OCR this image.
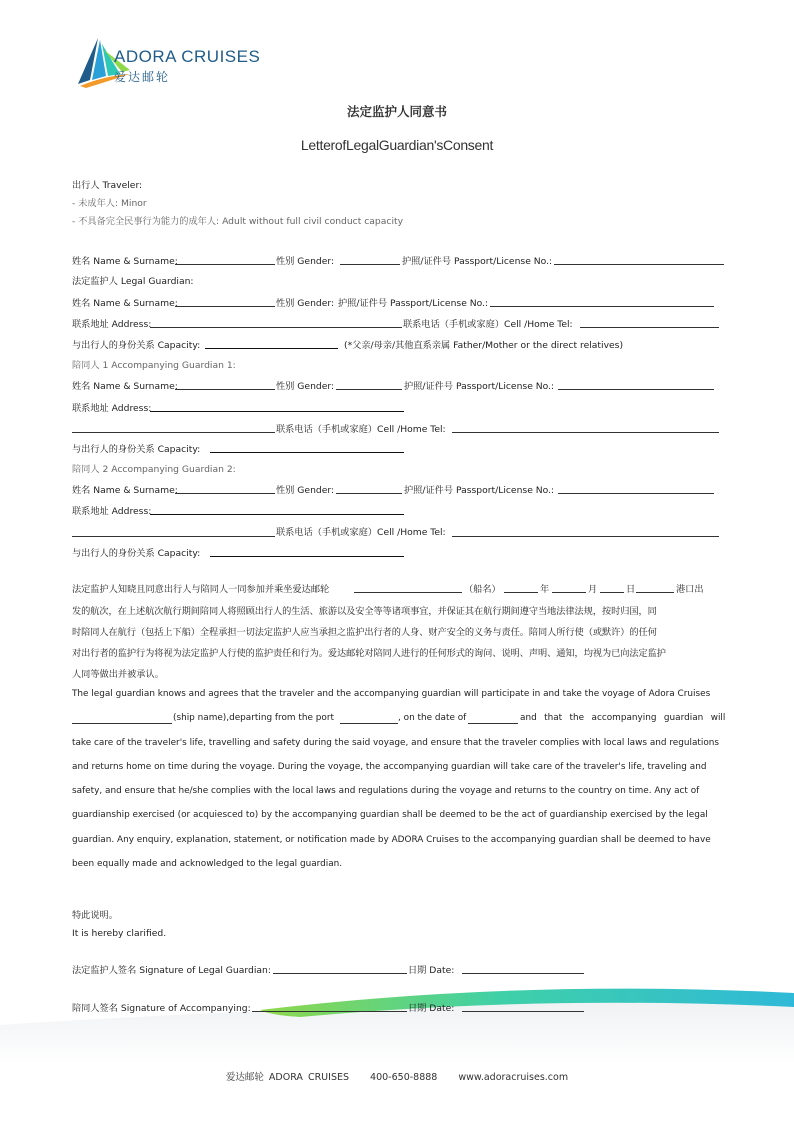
ADORA CRUISES
爱达邮轮
法定监护人同意书
LetterofLegalGuardian'sConsent
出行人 Traveler:
- 未成年人: Minor
- 不具备完全民事行为能力的成年人: Adult without full civil conduct capacity
姓名 Name & Surname:	性别 Gender:	护照/证件号 Passport/License No.:
法定监护人 Legal Guardian:
姓名 Name & Surname:	性别 Gender: 护照/证件号 Passport/License No.:
联系地址 Address:	联系电话（手机或家庭）Cell /Home Tel:
与出行人的身份关系 Capacity:	(*父亲/母亲/其他直系亲属 Father/Mother or the direct relatives)
陪同人 1 Accompanying Guardian 1:
姓名 Name & Surname:	性别 Gender:	护照/证件号 Passport/License No.:
联系地址 Address:
联系电话（手机或家庭）Cell /Home Tel:
与出行人的身份关系 Capacity:
陪同人 2 Accompanying Guardian 2:
姓名 Name & Surname:	性别 Gender:	护照/证件号 Passport/License No.:
联系地址 Address:
联系电话（手机或家庭）Cell /Home Tel:
与出行人的身份关系 Capacity:
法定监护人知晓且同意出行人与陪同人一同参加并乘坐爱达邮轮	（船名）	年	月	日	港口出
发的航次，在上述航次航行期间陪同人将照顾出行人的生活、旅游以及安全等等诸项事宜，并保证其在航行期间遵守当地法律法规，按时归国，同
时陪同人在航行（包括上下船）全程承担一切法定监护人应当承担之监护出行者的人身、财产安全的义务与责任。陪同人所行使（或默许）的任何
对出行者的监护行为将视为法定监护人行使的监护责任和行为。爱达邮轮对陪同人进行的任何形式的询问、说明、声明、通知，均视为已向法定监护
人同等做出并被承认。
The legal guardian knows and agrees that the traveler and the accompanying guardian will participate in and take the voyage of Adora Cruises
(ship name),departing from the port	, on the date of	and that the accompanying guardian will
take care of the traveler's life, travelling and safety during the said voyage, and ensure that the traveler complies with local laws and regulations
and returns home on time during the voyage. During the voyage, the accompanying guardian will take care of the traveler's life, traveling and
safety, and ensure that he/she complies with the local laws and regulations during the voyage and returns to the country on time. Any act of
guardianship exercised (or acquiesced to) by the accompanying guardian shall be deemed to be the act of guardianship exercised by the legal
guardian. Any enquiry, explanation, statement, or notification made by ADORA Cruises to the accompanying guardian shall be deemed to have
been equally made and acknowledged to the legal guardian.
特此说明。
It is hereby clarified.
法定监护人签名 Signature of Legal Guardian:	日期 Date:
陪同人签名 Signature of Accompanying:	日期 Date:
爱达邮轮 ADORA CRUISES 400-650-8888 www.adoracruises.com
